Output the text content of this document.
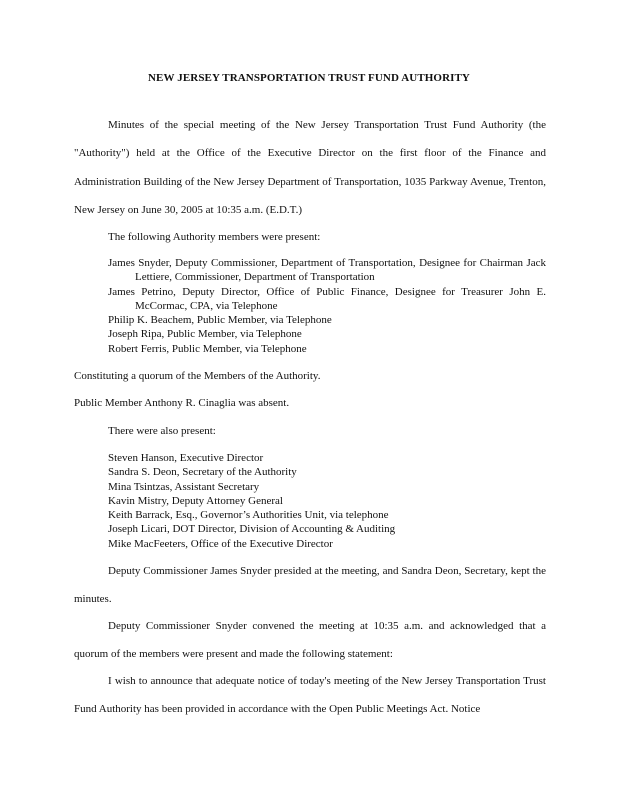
NEW JERSEY TRANSPORTATION TRUST FUND AUTHORITY
Minutes of the special meeting of the New Jersey Transportation Trust Fund Authority (the "Authority") held at the Office of the Executive Director on the first floor of the Finance and Administration Building of the New Jersey Department of Transportation, 1035 Parkway Avenue, Trenton, New Jersey on June 30, 2005 at 10:35 a.m. (E.D.T.)
The following Authority members were present:
James Snyder, Deputy Commissioner, Department of Transportation, Designee for Chairman Jack Lettiere, Commissioner, Department of Transportation
James Petrino, Deputy Director, Office of Public Finance, Designee for Treasurer John E. McCormac, CPA, via Telephone
Philip K. Beachem, Public Member, via Telephone
Joseph Ripa, Public Member, via Telephone
Robert Ferris, Public Member, via Telephone
Constituting a quorum of the Members of the Authority.
Public Member Anthony R. Cinaglia was absent.
There were also present:
Steven Hanson, Executive Director
Sandra S. Deon, Secretary of the Authority
Mina Tsintzas, Assistant Secretary
Kavin Mistry, Deputy Attorney General
Keith Barrack, Esq., Governor’s Authorities Unit, via telephone
Joseph Licari, DOT Director, Division of Accounting & Auditing
Mike MacFeeters, Office of the Executive Director
Deputy Commissioner James Snyder presided at the meeting, and Sandra Deon, Secretary, kept the minutes.
Deputy Commissioner Snyder convened the meeting at 10:35 a.m. and acknowledged that a quorum of the members were present and made the following statement:
I wish to announce that adequate notice of today's meeting of the New Jersey Transportation Trust Fund Authority has been provided in accordance with the Open Public Meetings Act. Notice
